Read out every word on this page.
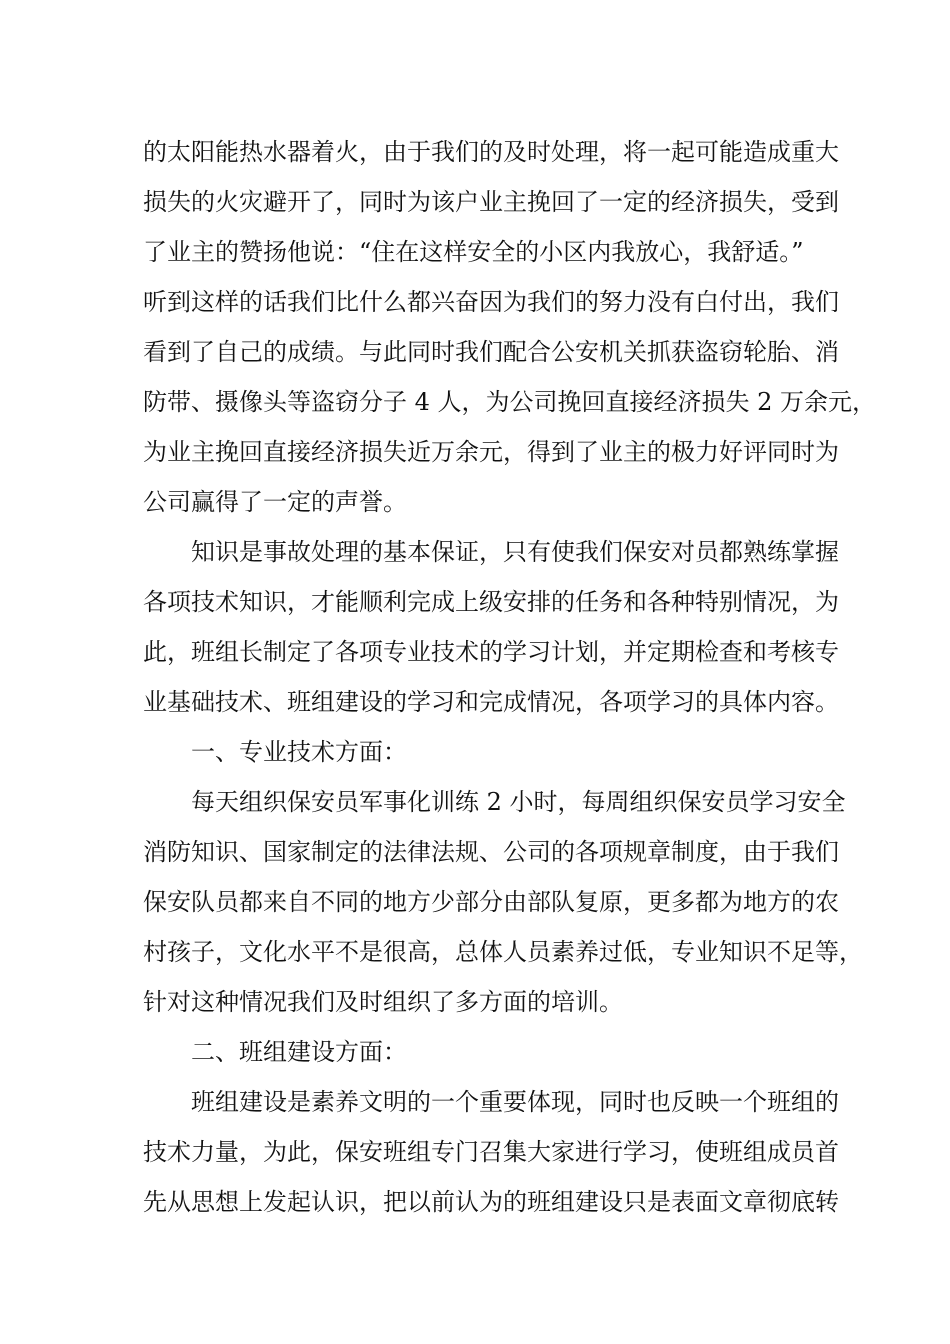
的太阳能热水器着火，由于我们的及时处理，将一起可能造成重大
损失的火灾避开了，同时为该户业主挽回了一定的经济损失，受到
了业主的赞扬他说：“住在这样安全的小区内我放心，我舒适。”
听到这样的话我们比什么都兴奋因为我们的努力没有白付出，我们
看到了自己的成绩。与此同时我们配合公安机关抓获盗窃轮胎、消
防带、摄像头等盗窃分子 4 人，为公司挽回直接经济损失 2 万余元，
为业主挽回直接经济损失近万余元，得到了业主的极力好评同时为
公司赢得了一定的声誉。
知识是事故处理的基本保证，只有使我们保安对员都熟练掌握
各项技术知识，才能顺利完成上级安排的任务和各种特别情况，为
此，班组长制定了各项专业技术的学习计划，并定期检查和考核专
业基础技术、班组建设的学习和完成情况，各项学习的具体内容。
一、专业技术方面：
每天组织保安员军事化训练 2 小时，每周组织保安员学习安全
消防知识、国家制定的法律法规、公司的各项规章制度，由于我们
保安队员都来自不同的地方少部分由部队复原，更多都为地方的农
村孩子，文化水平不是很高，总体人员素养过低，专业知识不足等，
针对这种情况我们及时组织了多方面的培训。
二、班组建设方面：
班组建设是素养文明的一个重要体现，同时也反映一个班组的
技术力量，为此，保安班组专门召集大家进行学习，使班组成员首
先从思想上发起认识，把以前认为的班组建设只是表面文章彻底转
